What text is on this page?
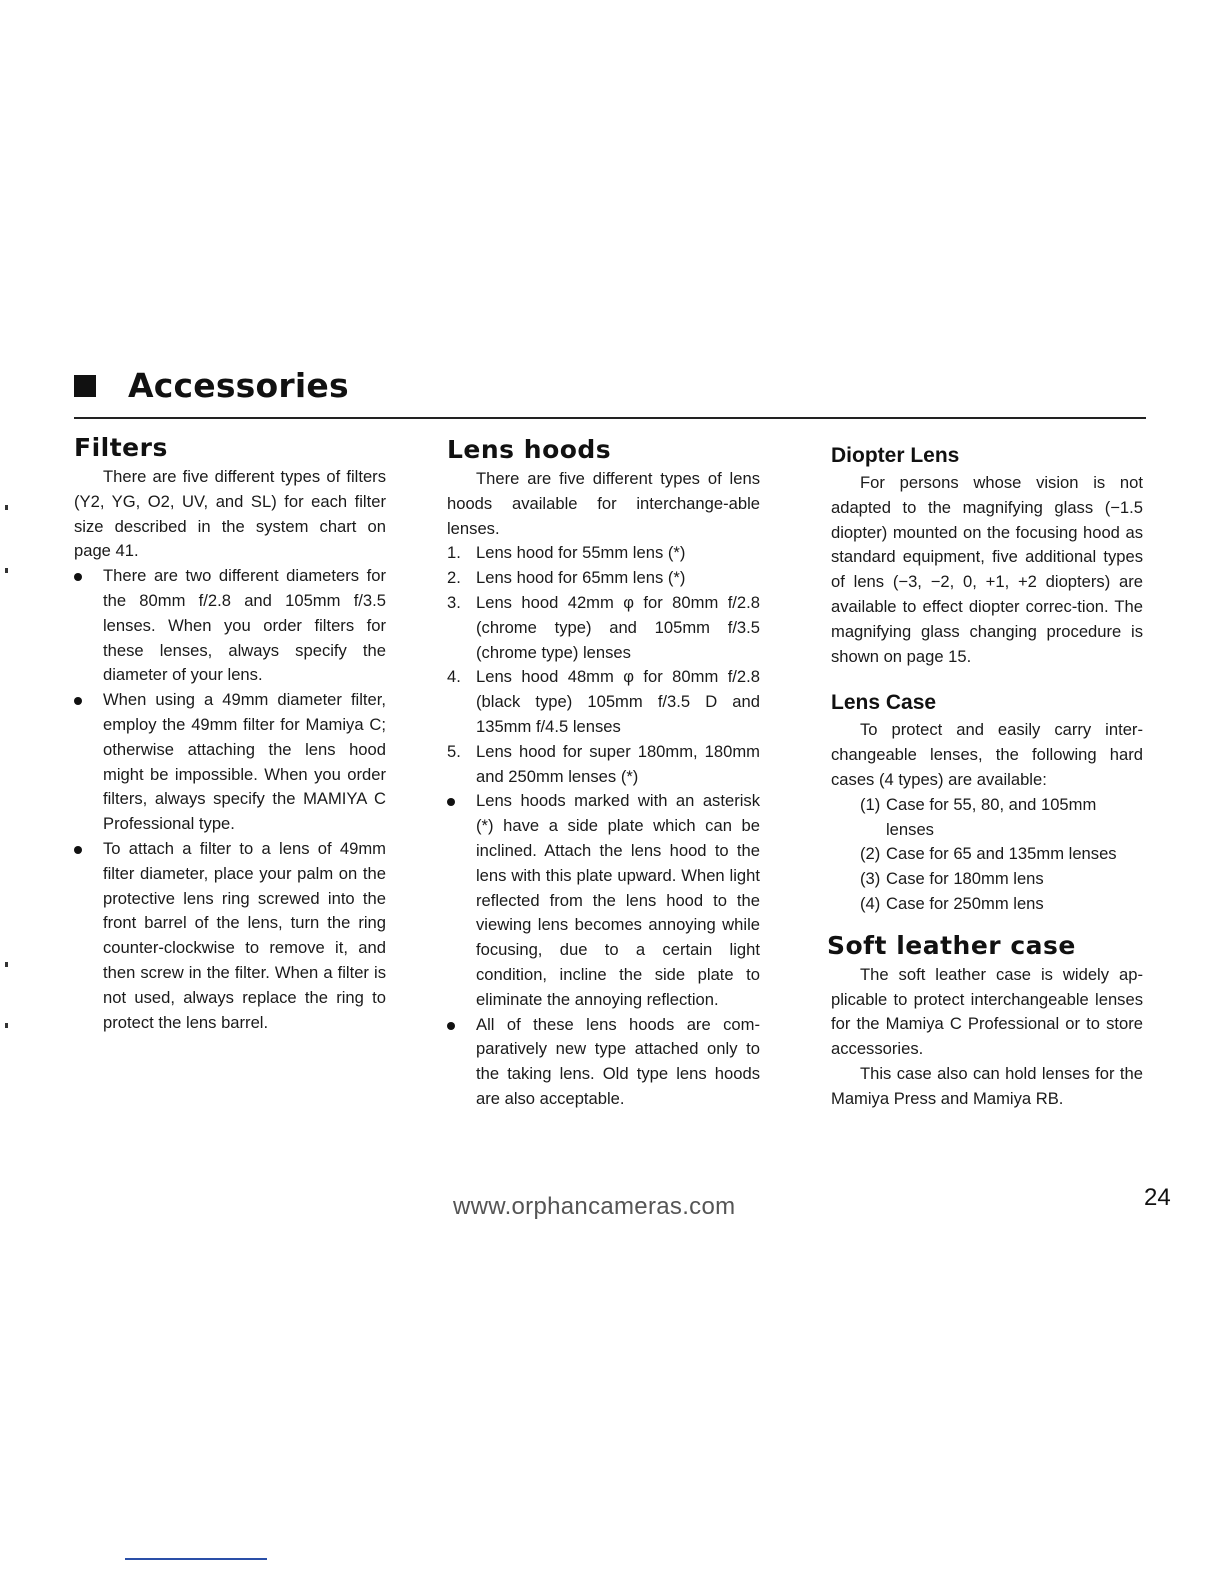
Accessories
Filters

There are five different types of filters (Y2, YG, O2, UV, and SL) for each filter size described in the system chart on page 41.

There are two different diameters for the 80mm f/2.8 and 105mm f/3.5 lenses. When you order filters for these lenses, always specify the diameter of your lens.
When using a 49mm diameter filter, employ the 49mm filter for Mamiya C; otherwise attaching the lens hood might be impossible. When you order filters, always specify the MAMIYA C Professional type.
To attach a filter to a lens of 49mm filter diameter, place your palm on the protective lens ring screwed into the front barrel of the lens, turn the ring counter-clockwise to remove it, and then screw in the filter. When a filter is not used, always replace the ring to protect the lens barrel.
Lens hoods

There are five different types of lens hoods available for interchange-able lenses.

1. Lens hood for 55mm lens (*)
2. Lens hood for 65mm lens (*)
3. Lens hood 42mm φ for 80mm f/2.8 (chrome type) and 105mm f/3.5 (chrome type) lenses
4. Lens hood 48mm φ for 80mm f/2.8 (black type) 105mm f/3.5 D and 135mm f/4.5 lenses
5. Lens hood for super 180mm, 180mm and 250mm lenses (*)
Lens hoods marked with an asterisk (*) have a side plate which can be inclined. Attach the lens hood to the lens with this plate upward. When light reflected from the lens hood to the viewing lens becomes annoying while focusing, due to a certain light condition, incline the side plate to eliminate the annoying reflection.
All of these lens hoods are com-paratively new type attached only to the taking lens. Old type lens hoods are also acceptable.
Diopter Lens

For persons whose vision is not adapted to the magnifying glass (−1.5 diopter) mounted on the focusing hood as standard equipment, five additional types of lens (−3, −2, 0, +1, +2 diopters) are available to effect diopter correc-tion. The magnifying glass changing procedure is shown on page 15.

Lens Case

To protect and easily carry inter-changeable lenses, the following hard cases (4 types) are available:

(1) Case for 55, 80, and 105mm lenses
(2) Case for 65 and 135mm lenses
(3) Case for 180mm lens
(4) Case for 250mm lens
Soft leather case

The soft leather case is widely ap-plicable to protect interchangeable lenses for the Mamiya C Professional or to store accessories.

This case also can hold lenses for the Mamiya Press and Mamiya RB.

www.orphancameras.com	24
